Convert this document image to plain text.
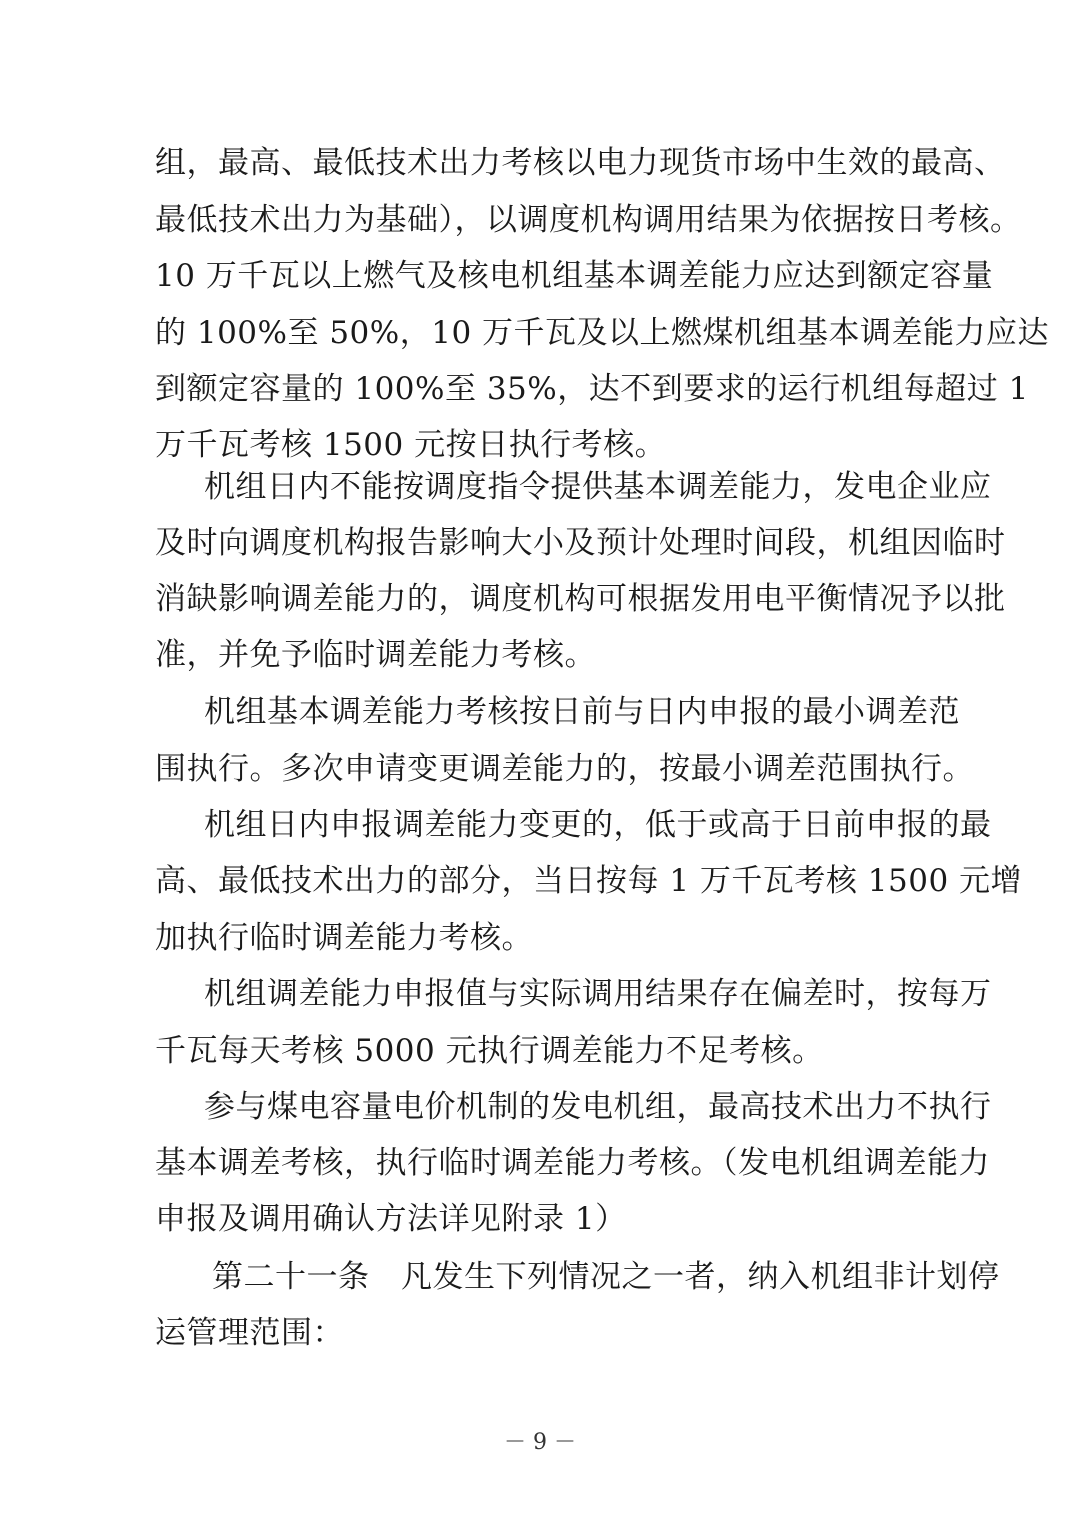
组，最高、最低技术出力考核以电力现货市场中生效的最高、
最低技术出力为基础），以调度机构调用结果为依据按日考核。
10 万千瓦以上燃气及核电机组基本调差能力应达到额定容量
的 100%至 50%，10 万千瓦及以上燃煤机组基本调差能力应达
到额定容量的 100%至 35%，达不到要求的运行机组每超过 1
万千瓦考核 1500 元按日执行考核。
机组日内不能按调度指令提供基本调差能力，发电企业应
及时向调度机构报告影响大小及预计处理时间段，机组因临时
消缺影响调差能力的，调度机构可根据发用电平衡情况予以批
准，并免予临时调差能力考核。
机组基本调差能力考核按日前与日内申报的最小调差范
围执行。多次申请变更调差能力的，按最小调差范围执行。
机组日内申报调差能力变更的，低于或高于日前申报的最
高、最低技术出力的部分，当日按每 1 万千瓦考核 1500 元增
加执行临时调差能力考核。
机组调差能力申报值与实际调用结果存在偏差时，按每万
千瓦每天考核 5000 元执行调差能力不足考核。
参与煤电容量电价机制的发电机组，最高技术出力不执行
基本调差考核，执行临时调差能力考核。（发电机组调差能力
申报及调用确认方法详见附录 1）
第二十一条　凡发生下列情况之一者，纳入机组非计划停
运管理范围：
－ 9 －
